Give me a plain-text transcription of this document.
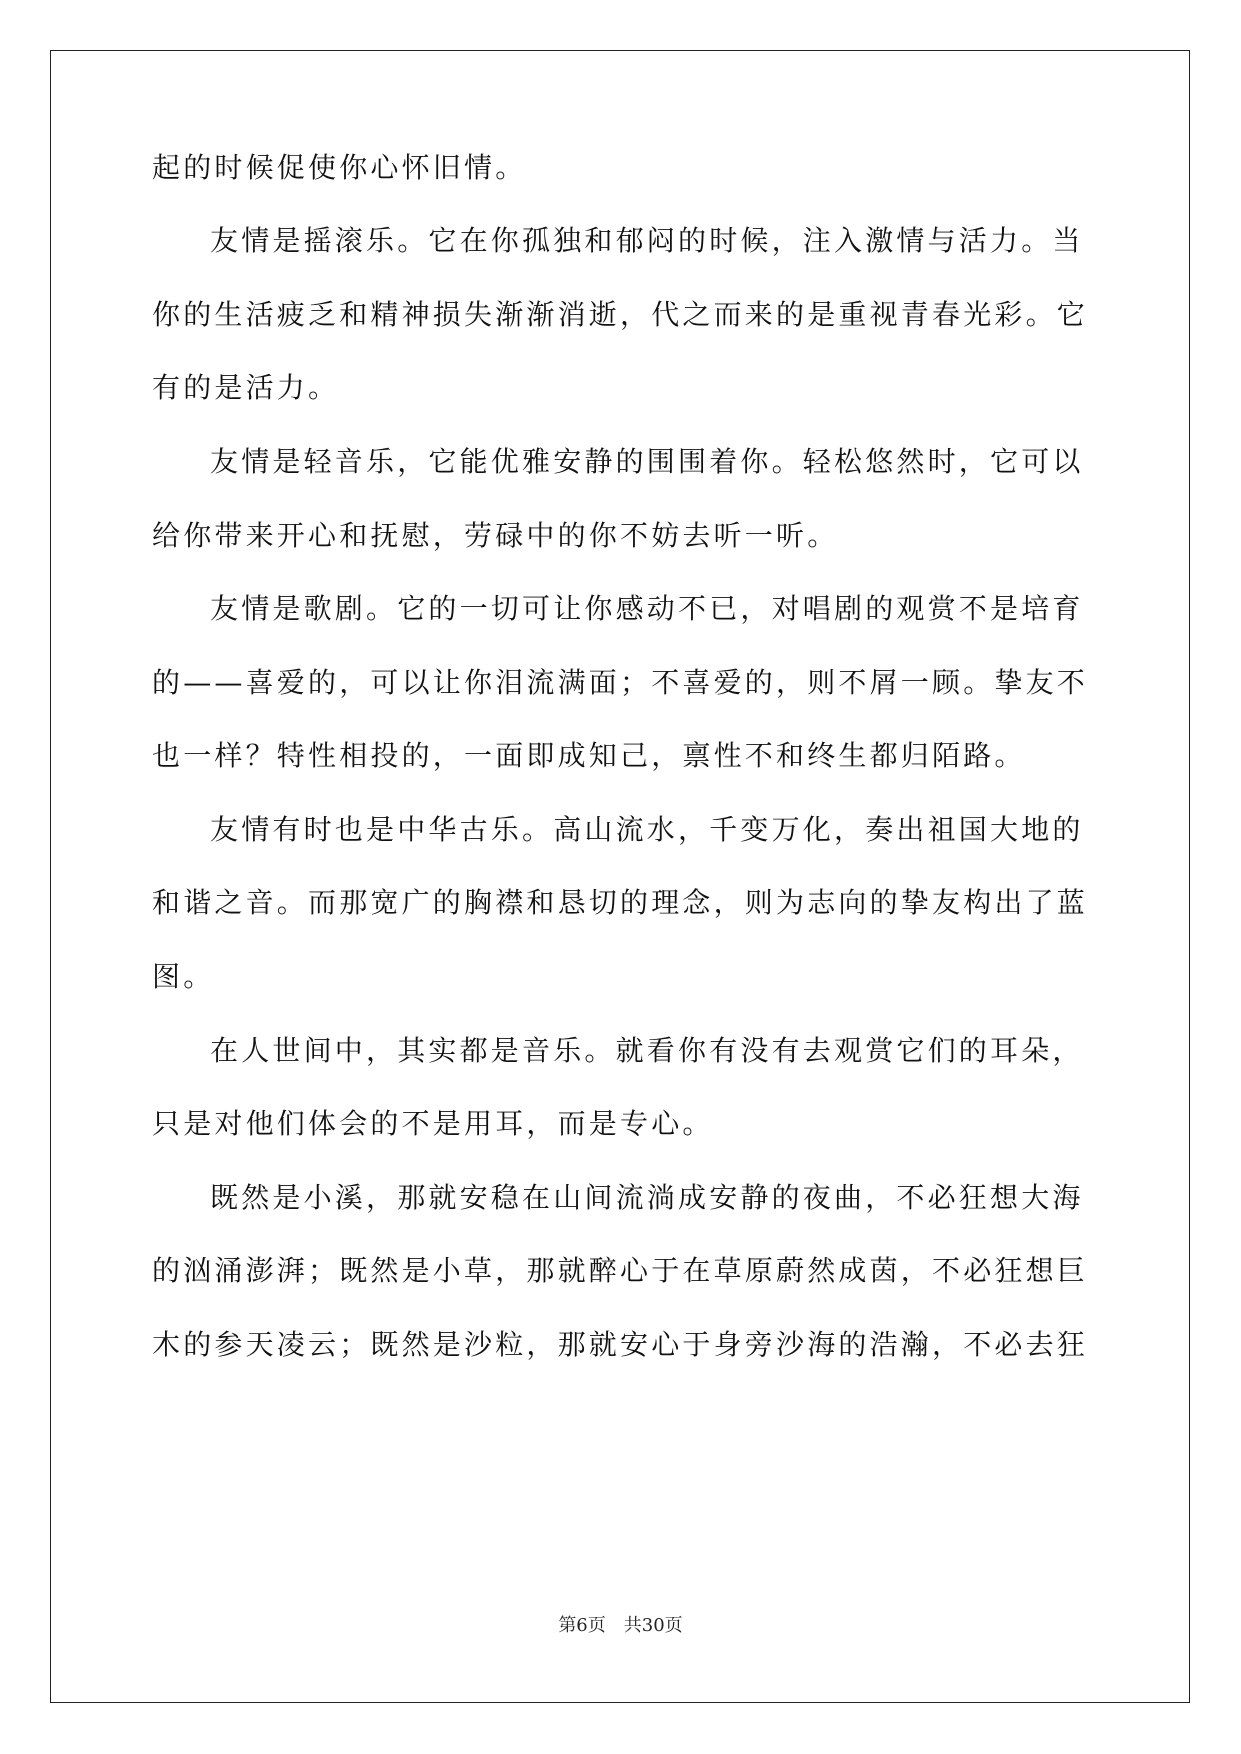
起的时候促使你心怀旧情。
友情是摇滚乐。它在你孤独和郁闷的时候，注入激情与活力。当
你的生活疲乏和精神损失渐渐消逝，代之而来的是重视青春光彩。它
有的是活力。
友情是轻音乐，它能优雅安静的围围着你。轻松悠然时，它可以
给你带来开心和抚慰，劳碌中的你不妨去听一听。
友情是歌剧。它的一切可让你感动不已，对唱剧的观赏不是培育
的——喜爱的，可以让你泪流满面；不喜爱的，则不屑一顾。挚友不
也一样？特性相投的，一面即成知己，禀性不和终生都归陌路。
友情有时也是中华古乐。高山流水，千变万化，奏出祖国大地的
和谐之音。而那宽广的胸襟和恳切的理念，则为志向的挚友构出了蓝
图。
在人世间中，其实都是音乐。就看你有没有去观赏它们的耳朵，
只是对他们体会的不是用耳，而是专心。
既然是小溪，那就安稳在山间流淌成安静的夜曲，不必狂想大海
的汹涌澎湃；既然是小草，那就醉心于在草原蔚然成茵，不必狂想巨
木的参天凌云；既然是沙粒，那就安心于身旁沙海的浩瀚，不必去狂
第6页　共30页
